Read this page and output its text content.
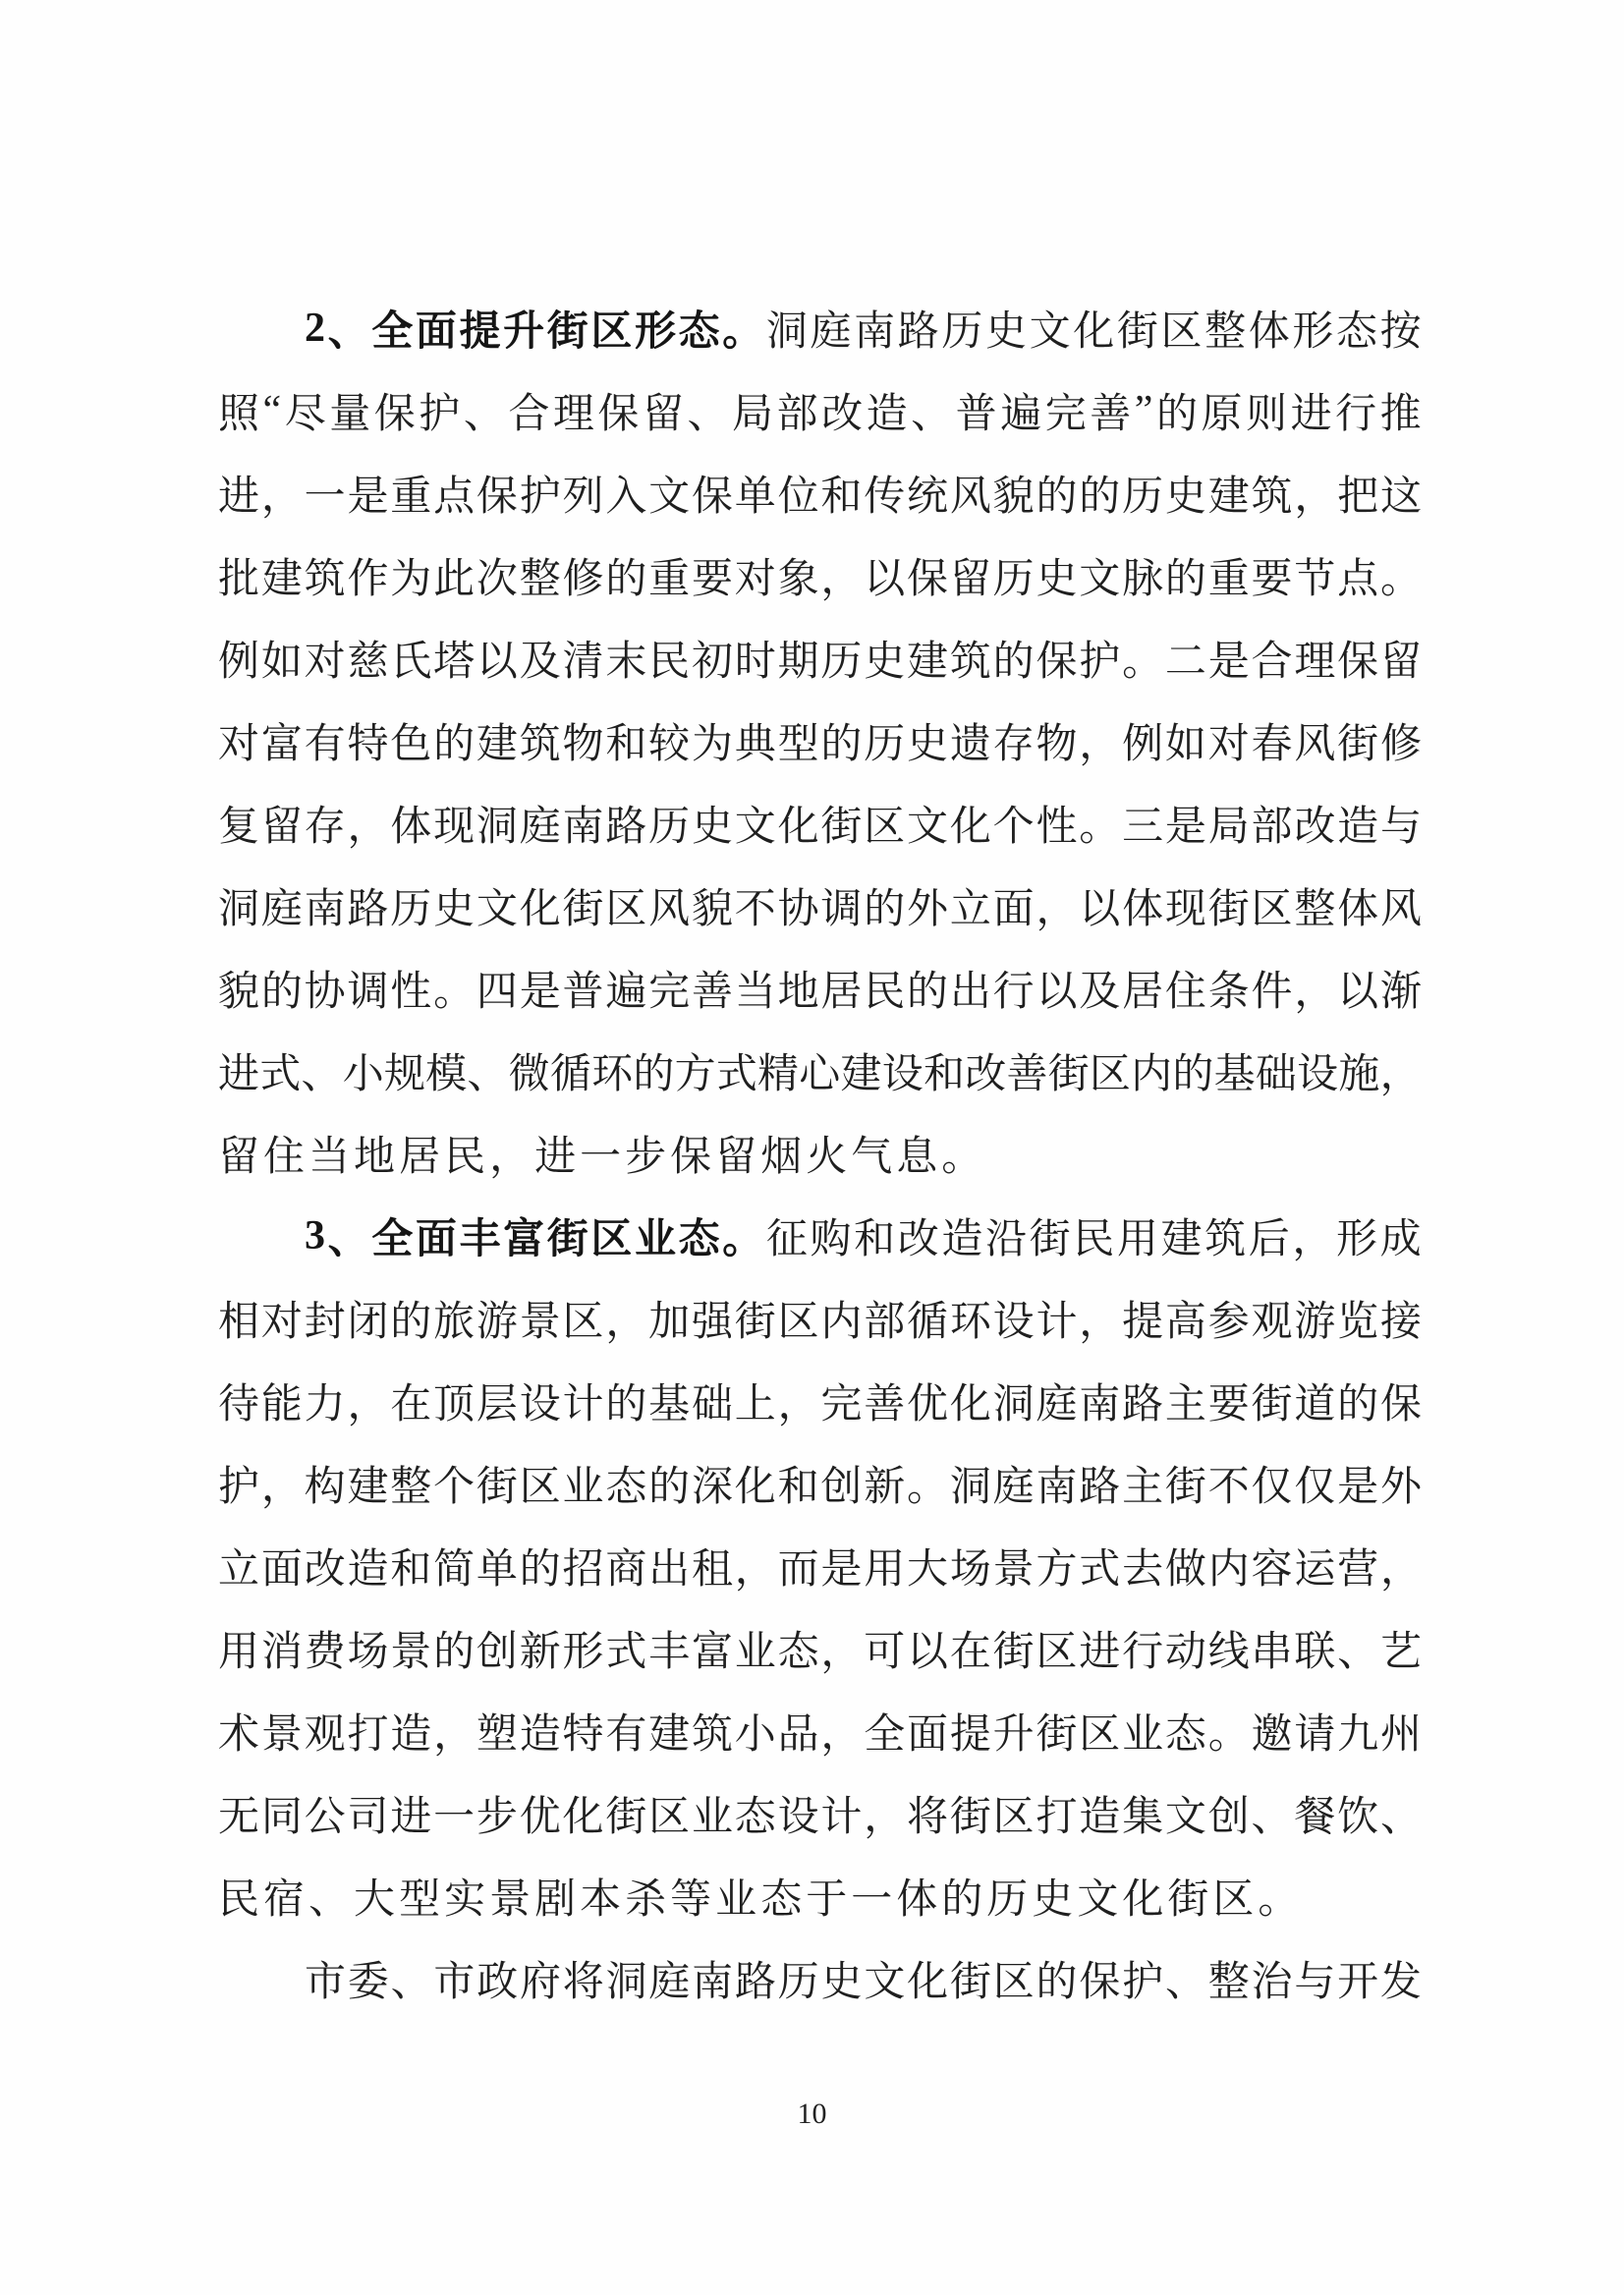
2 、 全 面 提 升 街 区 形 态 。 洞 庭 南 路 历 史 文 化 街 区 整 体 形 态 按
照 “ 尽 量 保 护 、 合 理 保 留 、 局 部 改 造 、 普 遍 完 善 ” 的 原 则 进 行 推
进 ， 一 是 重 点 保 护 列 入 文 保 单 位 和 传 统 风 貌 的 的 历 史 建 筑 ， 把 这
批 建 筑 作 为 此 次 整 修 的 重 要 对 象 ， 以 保 留 历 史 文 脉 的 重 要 节 点 。
例 如 对 慈 氏 塔 以 及 清 末 民 初 时 期 历 史 建 筑 的 保 护 。 二 是 合 理 保 留
对 富 有 特 色 的 建 筑 物 和 较 为 典 型 的 历 史 遗 存 物 ， 例 如 对 春 风 街 修
复 留 存 ， 体 现 洞 庭 南 路 历 史 文 化 街 区 文 化 个 性 。 三 是 局 部 改 造 与
洞 庭 南 路 历 史 文 化 街 区 风 貌 不 协 调 的 外 立 面 ， 以 体 现 街 区 整 体 风
貌 的 协 调 性 。 四 是 普 遍 完 善 当 地 居 民 的 出 行 以 及 居 住 条 件 ， 以 渐
进 式 、 小 规 模 、 微 循 环 的 方 式 精 心 建 设 和 改 善 街 区 内 的 基 础 设 施 ，
留 住 当 地 居 民 ， 进 一 步 保 留 烟 火 气 息 。
3 、 全 面 丰 富 街 区 业 态 。 征 购 和 改 造 沿 街 民 用 建 筑 后 ， 形 成
相 对 封 闭 的 旅 游 景 区 ， 加 强 街 区 内 部 循 环 设 计 ， 提 高 参 观 游 览 接
待 能 力 ， 在 顶 层 设 计 的 基 础 上 ， 完 善 优 化 洞 庭 南 路 主 要 街 道 的 保
护 ， 构 建 整 个 街 区 业 态 的 深 化 和 创 新 。 洞 庭 南 路 主 街 不 仅 仅 是 外
立 面 改 造 和 简 单 的 招 商 出 租 ， 而 是 用 大 场 景 方 式 去 做 内 容 运 营 ，
用 消 费 场 景 的 创 新 形 式 丰 富 业 态 ， 可 以 在 街 区 进 行 动 线 串 联 、 艺
术 景 观 打 造 ， 塑 造 特 有 建 筑 小 品 ， 全 面 提 升 街 区 业 态 。 邀 请 九 州
无 同 公 司 进 一 步 优 化 街 区 业 态 设 计 ， 将 街 区 打 造 集 文 创 、 餐 饮 、
民 宿 、 大 型 实 景 剧 本 杀 等 业 态 于 一 体 的 历 史 文 化 街 区 。
市 委 、 市 政 府 将 洞 庭 南 路 历 史 文 化 街 区 的 保 护 、 整 治 与 开 发
10
